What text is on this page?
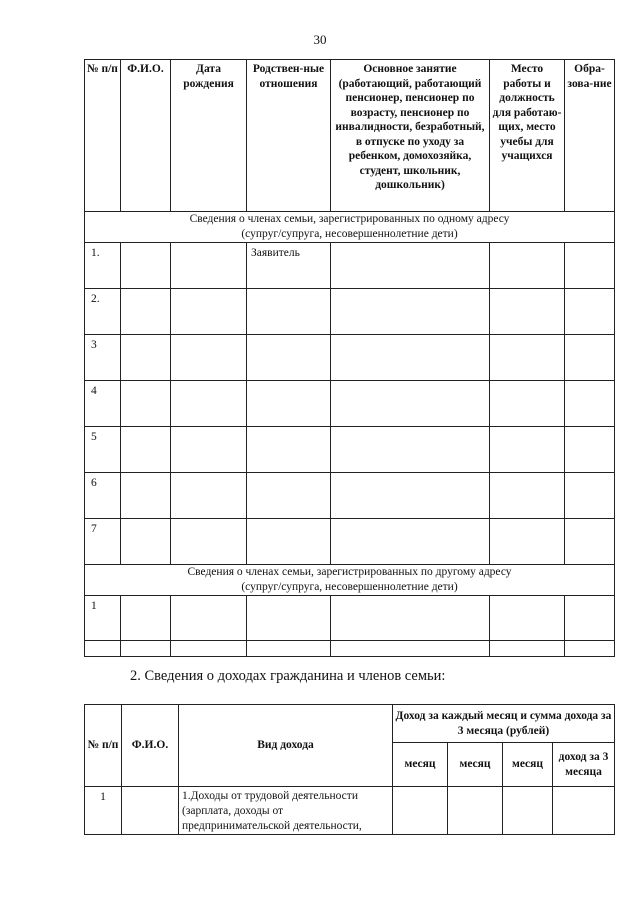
30
№ п/п	Ф.И.О.	Дата рождения	Родствен-ные отношения	Основное занятие (работающий, работающий пенсионер, пенсионер по возрасту, пенсионер по инвалидности, безработный, в отпуске по уходу за ребенком, домохозяйка, студент, школьник, дошкольник)	Место работы и должность для работаю-щих, место учебы для учащихся	Обра-зова-ние

Сведения о членах семьи, зарегистрированных по одному адресу
(супруг/супруга, несовершеннолетние дети)						

1.			Заявитель			
2.						
3						
4						
5						
6						
7						

Сведения о членах семьи, зарегистрированных по другому адресу
(супруг/супруга, несовершеннолетние дети)						

1						

2. Сведения о доходах гражданина и членов семьи:
№ п/п	Ф.И.О.	Вид дохода	Доход за каждый месяц и сумма дохода за 3 месяца (рублей)			
			месяц	месяц	месяц	доход за 3 месяца
1		1.Доходы от трудовой деятельности (зарплата, доходы от предпринимательской деятельности,				
